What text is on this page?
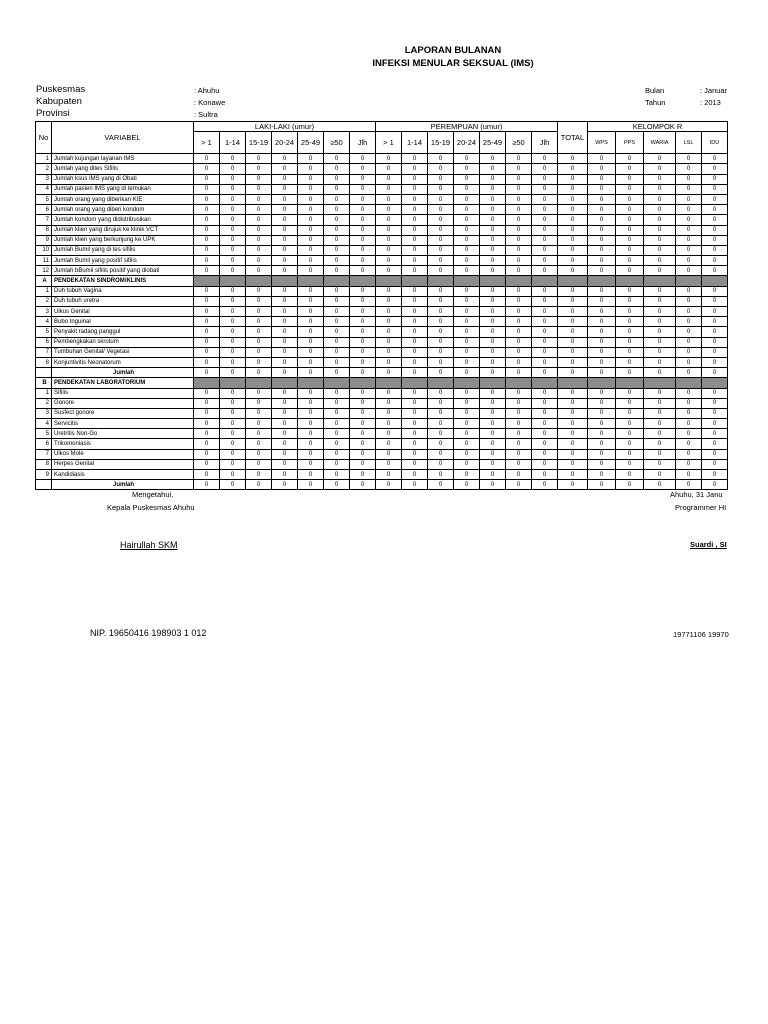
LAPORAN BULANAN
INFEKSI MENULAR SEKSUAL (IMS)
Puskesmas	: Ahuhu
Kabupaten	: Konawe
Provinsi	: Sultra
Bulan	: Januar
Tahun	: 2013
No	VARIABEL	LAKI-LAKI (umur)							PEREMPUAN (umur)							TOTAL	KELOMPOK R				
		> 1	1-14	15-19	20-24	25-49	≥50	Jlh	> 1	1-14	15-19	20-24	25-49	≥50	Jlh		WPS	PPS	WARIA	LSL	IDU
1	Jumlah kujungan layanan IMS	0	0	0	0	0	0	0	0	0	0	0	0	0	0	0	0	0	0	0	0
2	Jumlah yang dites Sifilis	0	0	0	0	0	0	0	0	0	0	0	0	0	0	0	0	0	0	0	0
3	Jumlah ksus IMS yang di Obati	0	0	0	0	0	0	0	0	0	0	0	0	0	0	0	0	0	0	0	0
4	Jumlah pasien IMS yang di temukan	0	0	0	0	0	0	0	0	0	0	0	0	0	0	0	0	0	0	0	0
5	Jumlah orang yang diberikan KIE	0	0	0	0	0	0	0	0	0	0	0	0	0	0	0	0	0	0	0	0
6	Jumlah orang yang diberi kondom	0	0	0	0	0	0	0	0	0	0	0	0	0	0	0	0	0	0	0	0
7	Jumlah kondom yang didistribusikan	0	0	0	0	0	0	0	0	0	0	0	0	0	0	0	0	0	0	0	0
8	Jumlah klien yang dirujuk ke klinik VCT	0	0	0	0	0	0	0	0	0	0	0	0	0	0	0	0	0	0	0	0
9	Jumlah klien yang berkunjung ke UPK	0	0	0	0	0	0	0	0	0	0	0	0	0	0	0	0	0	0	0	0
10	Jumlah Bumil yang di tes sifilis	0	0	0	0	0	0	0	0	0	0	0	0	0	0	0	0	0	0	0	0
11	Jumlah Bumil yang positif sifilis	0	0	0	0	0	0	0	0	0	0	0	0	0	0	0	0	0	0	0	0
12	Jumlah bBumil sifilis positif yang diobati	0	0	0	0	0	0	0	0	0	0	0	0	0	0	0	0	0	0	0	0
A	PENDEKATAN SINDROM/KLINIS																				
1	Duh tubuh Vagina	0	0	0	0	0	0	0	0	0	0	0	0	0	0	0	0	0	0	0	0
2	Duh tubuh uretra	0	0	0	0	0	0	0	0	0	0	0	0	0	0	0	0	0	0	0	0
3	Ulkus Genital	0	0	0	0	0	0	0	0	0	0	0	0	0	0	0	0	0	0	0	0
4	Bubo Inguinal	0	0	0	0	0	0	0	0	0	0	0	0	0	0	0	0	0	0	0	0
5	Penyakit radang panggul	0	0	0	0	0	0	0	0	0	0	0	0	0	0	0	0	0	0	0	0
6	Pembengkakan skrotum	0	0	0	0	0	0	0	0	0	0	0	0	0	0	0	0	0	0	0	0
7	Tumbuhan Genital/ Vegetasi	0	0	0	0	0	0	0	0	0	0	0	0	0	0	0	0	0	0	0	0
8	Konjuntivitis Neonatorum	0	0	0	0	0	0	0	0	0	0	0	0	0	0	0	0	0	0	0	0
	Jumlah	0	0	0	0	0	0	0	0	0	0	0	0	0	0	0	0	0	0	0	0
B	PENDEKATAN LABORATORIUM																				
1	Sifilis	0	0	0	0	0	0	0	0	0	0	0	0	0	0	0	0	0	0	0	0
2	Gonore	0	0	0	0	0	0	0	0	0	0	0	0	0	0	0	0	0	0	0	0
3	Susfect gonore	0	0	0	0	0	0	0	0	0	0	0	0	0	0	0	0	0	0	0	0
4	Servicitis	0	0	0	0	0	0	0	0	0	0	0	0	0	0	0	0	0	0	0	0
5	Uretritis Non-Go	0	0	0	0	0	0	0	0	0	0	0	0	0	0	0	0	0	0	0	0
6	Trikomoniasis	0	0	0	0	0	0	0	0	0	0	0	0	0	0	0	0	0	0	0	0
7	Ulkos Mole	0	0	0	0	0	0	0	0	0	0	0	0	0	0	0	0	0	0	0	0
8	Herpes Genital	0	0	0	0	0	0	0	0	0	0	0	0	0	0	0	0	0	0	0	0
9	Kandidiasis	0	0	0	0	0	0	0	0	0	0	0	0	0	0	0	0	0	0	0	0
	Jumlah	0	0	0	0	0	0	0	0	0	0	0	0	0	0	0	0	0	0	0	0
Mengetahui,
Kepala Puskesmas Ahuhu
Hairullah SKM
NIP. 19650416 198903 1 012
Ahuhu, 31 Janu
Programmer HI
Suardi , SI
19771106 19970
